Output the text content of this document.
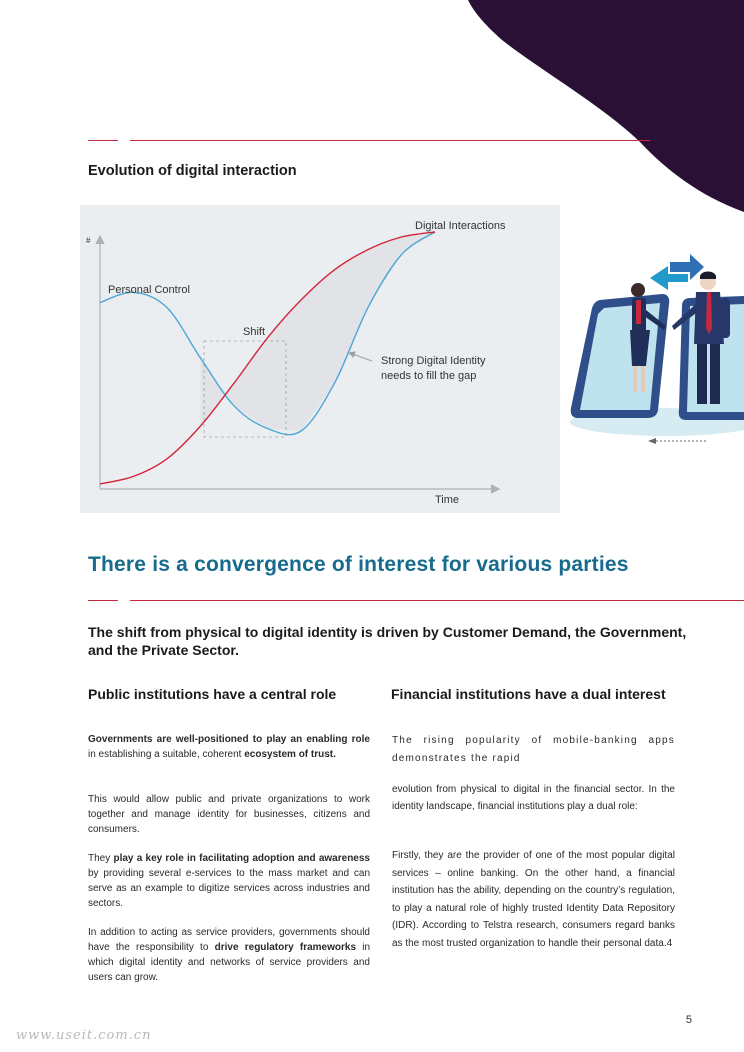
Evolution of digital interaction
#
Time
Digital Interactions
Personal Control
Shift
Strong Digital Identity
needs to fill the gap
There is a convergence of interest for various parties
The shift from physical to digital identity is driven by Customer Demand, the Government, and the Private Sector.
Public institutions have a central role
Governments are well-positioned to play an enabling role in establishing a suitable, coherent ecosystem of trust.
This would allow public and private organizations to work together and manage identity for businesses, citizens and consumers.
They play a key role in facilitating adoption and awareness by providing several e-services to the mass market and can serve as an example to digitize services across industries and sectors.
In addition to acting as service providers, governments should have the responsibility to drive regulatory frameworks in which digital identity and networks of service providers and users can grow.
Financial institutions have a dual interest
The rising popularity of mobile-banking apps demonstrates the rapid
evolution from physical to digital in the financial sector. In the identity landscape, financial institutions play a dual role:
Firstly, they are the provider of one of the most popular digital services – online banking. On the other hand, a financial institution has the ability, depending on the country’s regulation, to play a natural role of highly trusted Identity Data Repository (IDR). According to Telstra research, consumers regard banks as the most trusted organization to handle their personal data.4
5
www.useit.com.cn
